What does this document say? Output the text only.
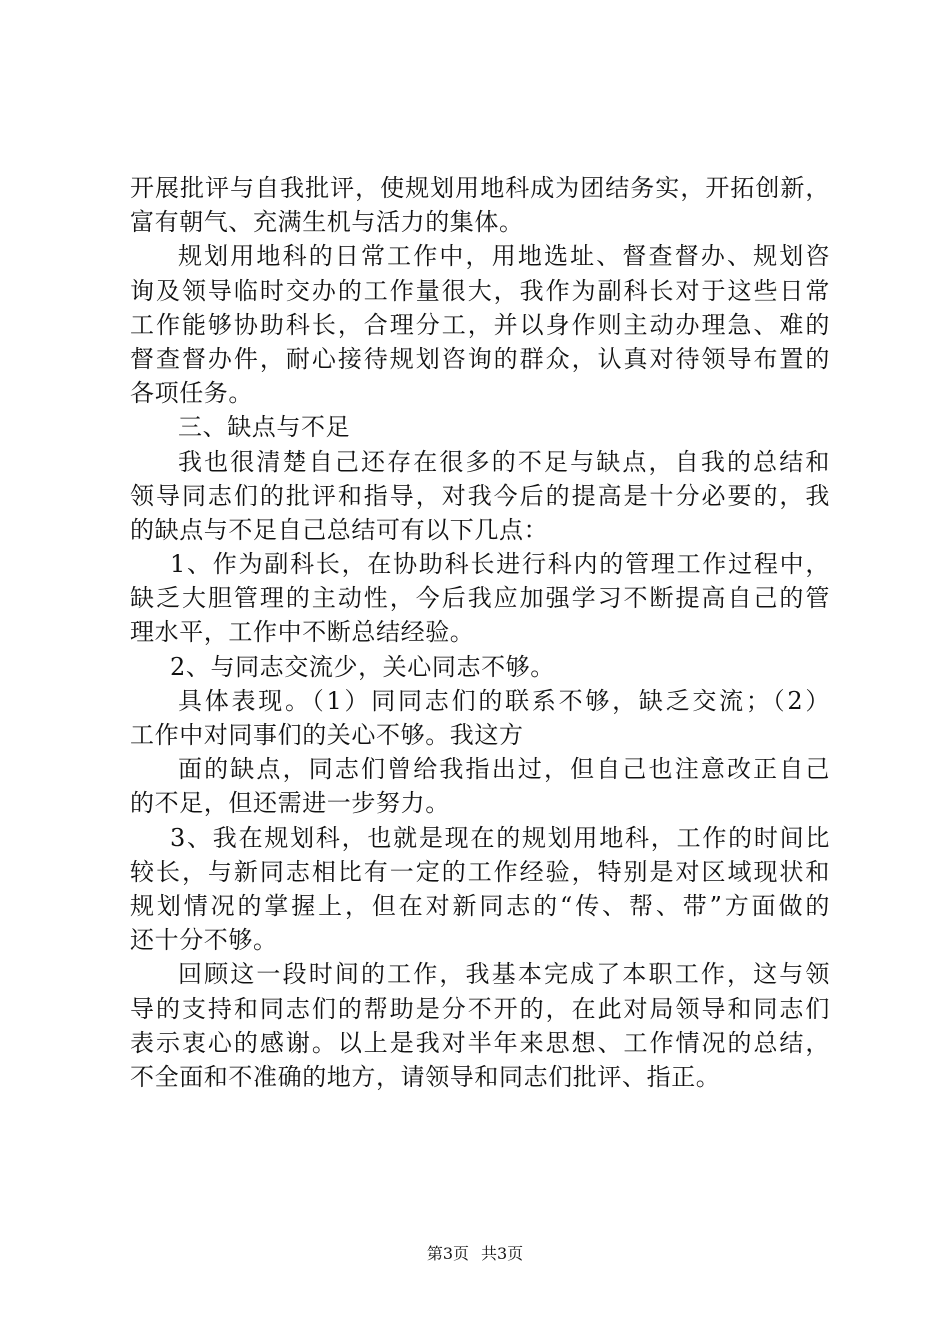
开展批评与自我批评，使规划用地科成为团结务实，开拓创新，
富有朝气、充满生机与活力的集体。
规划用地科的日常工作中，用地选址、督查督办、规划咨
询及领导临时交办的工作量很大，我作为副科长对于这些日常
工作能够协助科长，合理分工，并以身作则主动办理急、难的
督查督办件，耐心接待规划咨询的群众，认真对待领导布置的
各项任务。
三、缺点与不足
我也很清楚自己还存在很多的不足与缺点，自我的总结和
领导同志们的批评和指导，对我今后的提高是十分必要的，我
的缺点与不足自己总结可有以下几点：
1、作为副科长，在协助科长进行科内的管理工作过程中，
缺乏大胆管理的主动性，今后我应加强学习不断提高自己的管
理水平，工作中不断总结经验。
2、与同志交流少，关心同志不够。
具体表现。（1）同同志们的联系不够，缺乏交流；（2）
工作中对同事们的关心不够。我这方
面的缺点，同志们曾给我指出过，但自己也注意改正自己
的不足，但还需进一步努力。
3、我在规划科，也就是现在的规划用地科，工作的时间比
较长，与新同志相比有一定的工作经验，特别是对区域现状和
规划情况的掌握上，但在对新同志的“传、帮、带”方面做的
还十分不够。
回顾这一段时间的工作，我基本完成了本职工作，这与领
导的支持和同志们的帮助是分不开的，在此对局领导和同志们
表示衷心的感谢。以上是我对半年来思想、工作情况的总结，
不全面和不准确的地方，请领导和同志们批评、指正。
第3页 共3页
